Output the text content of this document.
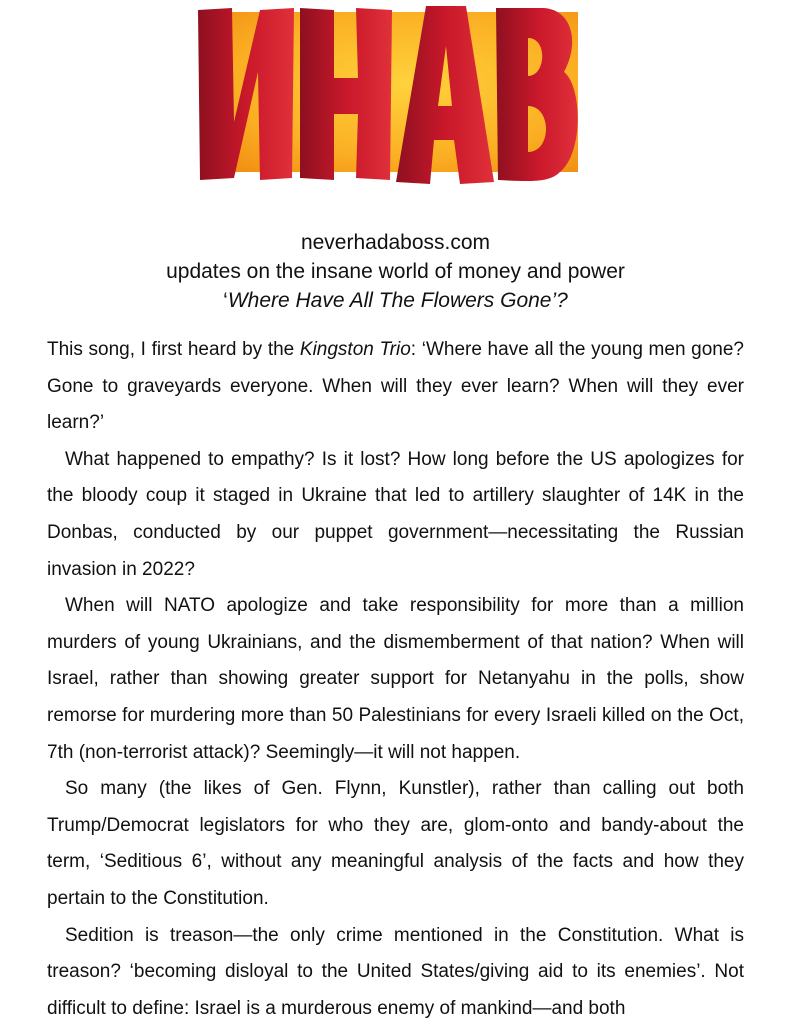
neverhadaboss.com
updates on the insane world of money and power
‘Where Have All The Flowers Gone’?

This song, I first heard by the Kingston Trio: ‘Where have all the young men gone? Gone to graveyards everyone. When will they ever learn? When will they ever learn?’

What happened to empathy? Is it lost? How long before the US apologizes for the bloody coup it staged in Ukraine that led to artillery slaughter of 14K in the Donbas, conducted by our puppet government—necessitating the Russian invasion in 2022?

When will NATO apologize and take responsibility for more than a million murders of young Ukrainians, and the dismemberment of that nation? When will Israel, rather than showing greater support for Netanyahu in the polls, show remorse for murdering more than 50 Palestinians for every Israeli killed on the Oct, 7th (non-terrorist attack)? Seemingly—it will not happen.

So many (the likes of Gen. Flynn, Kunstler), rather than calling out both Trump/Democrat legislators for who they are, glom-onto and bandy-about the term, ‘Seditious 6’, without any meaningful analysis of the facts and how they pertain to the Constitution.

Sedition is treason—the only crime mentioned in the Constitution. What is treason? ‘becoming disloyal to the United States/giving aid to its enemies’. Not difficult to define: Israel is a murderous enemy of mankind—and both
